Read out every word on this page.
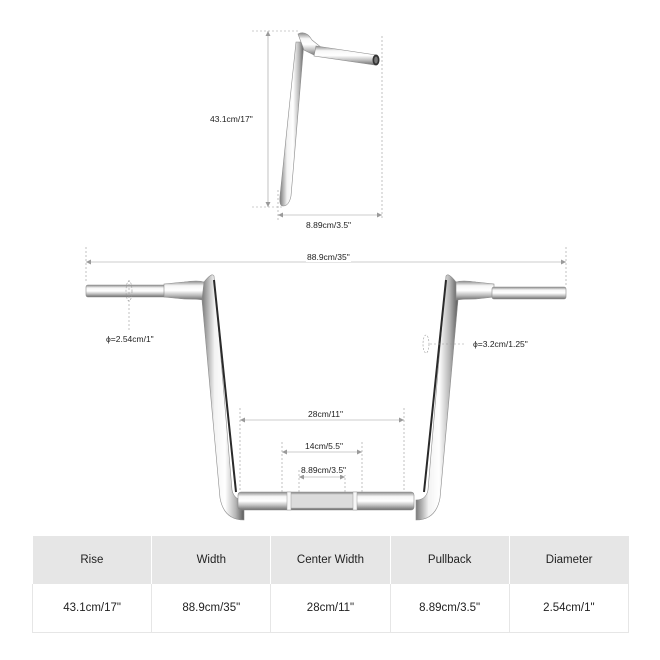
43.1cm/17"
8.89cm/3.5"
88.9cm/35"
ϕ=2.54cm/1"	ϕ=3.2cm/1.25"
28cm/11"
14cm/5.5"
8.89cm/3.5"
Rise	Width	Center Width	Pullback	Diameter
43.1cm/17"	88.9cm/35"	28cm/11"	8.89cm/3.5"	2.54cm/1"
